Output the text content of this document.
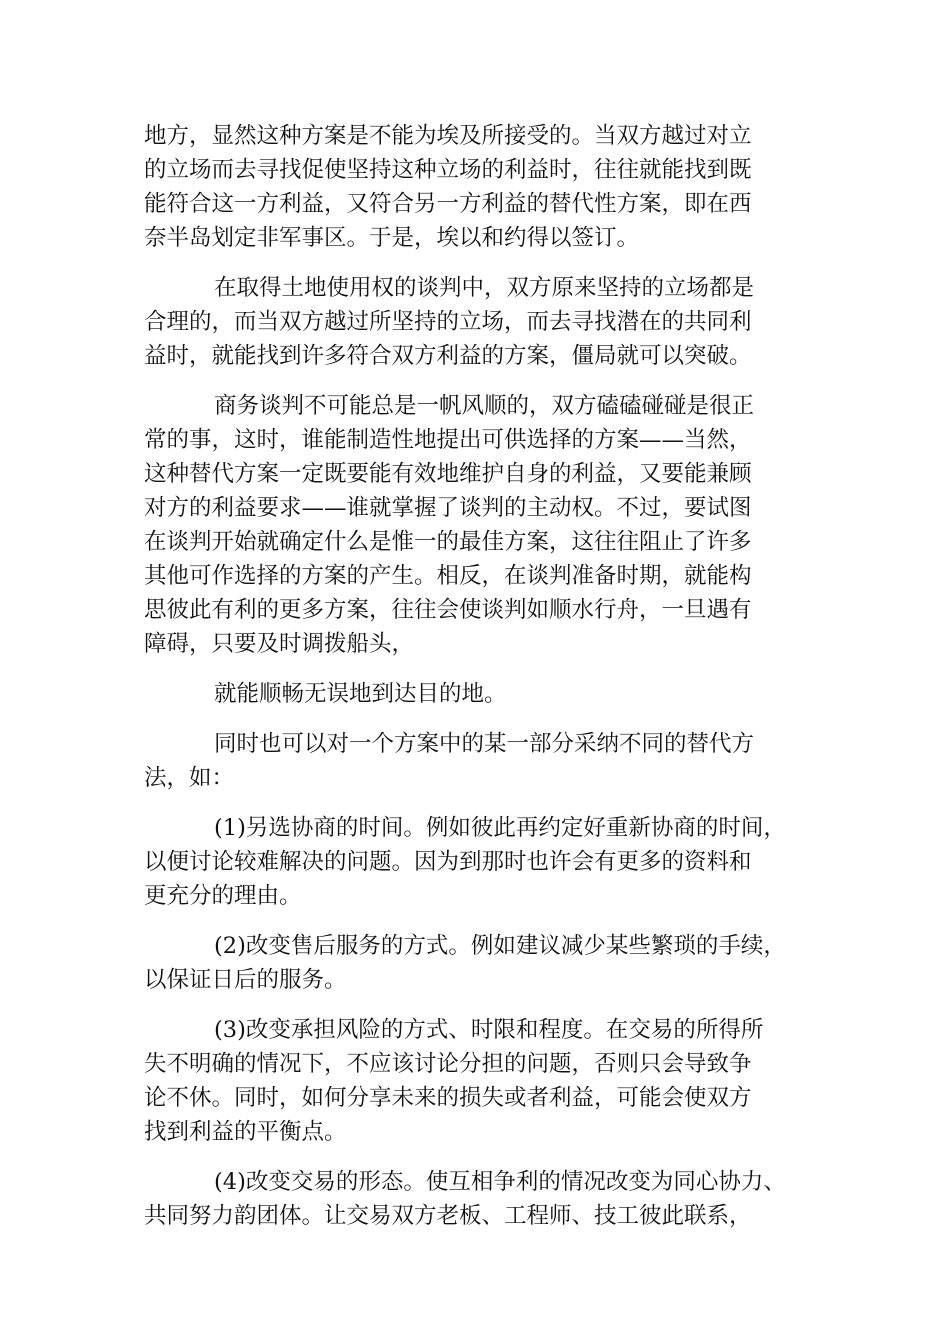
地方，显然这种方案是不能为埃及所接受的。当双方越过对立
的立场而去寻找促使坚持这种立场的利益时，往往就能找到既
能符合这一方利益，又符合另一方利益的替代性方案，即在西
奈半岛划定非军事区。于是，埃以和约得以签订。
在取得土地使用权的谈判中，双方原来坚持的立场都是
合理的，而当双方越过所坚持的立场，而去寻找潜在的共同利
益时，就能找到许多符合双方利益的方案，僵局就可以突破。
商务谈判不可能总是一帆风顺的，双方磕磕碰碰是很正
常的事，这时，谁能制造性地提出可供选择的方案——当然，
这种替代方案一定既要能有效地维护自身的利益，又要能兼顾
对方的利益要求——谁就掌握了谈判的主动权。不过，要试图
在谈判开始就确定什么是惟一的最佳方案，这往往阻止了许多
其他可作选择的方案的产生。相反，在谈判准备时期，就能构
思彼此有利的更多方案，往往会使谈判如顺水行舟，一旦遇有
障碍，只要及时调拨船头，
就能顺畅无误地到达目的地。
同时也可以对一个方案中的某一部分采纳不同的替代方
法，如：
(1)另选协商的时间。例如彼此再约定好重新协商的时间，
以便讨论较难解决的问题。因为到那时也许会有更多的资料和
更充分的理由。
(2)改变售后服务的方式。例如建议减少某些繁琐的手续，
以保证日后的服务。
(3)改变承担风险的方式、时限和程度。在交易的所得所
失不明确的情况下，不应该讨论分担的问题，否则只会导致争
论不休。同时，如何分享未来的损失或者利益，可能会使双方
找到利益的平衡点。
(4)改变交易的形态。使互相争利的情况改变为同心协力、
共同努力韵团体。让交易双方老板、工程师、技工彼此联系，
